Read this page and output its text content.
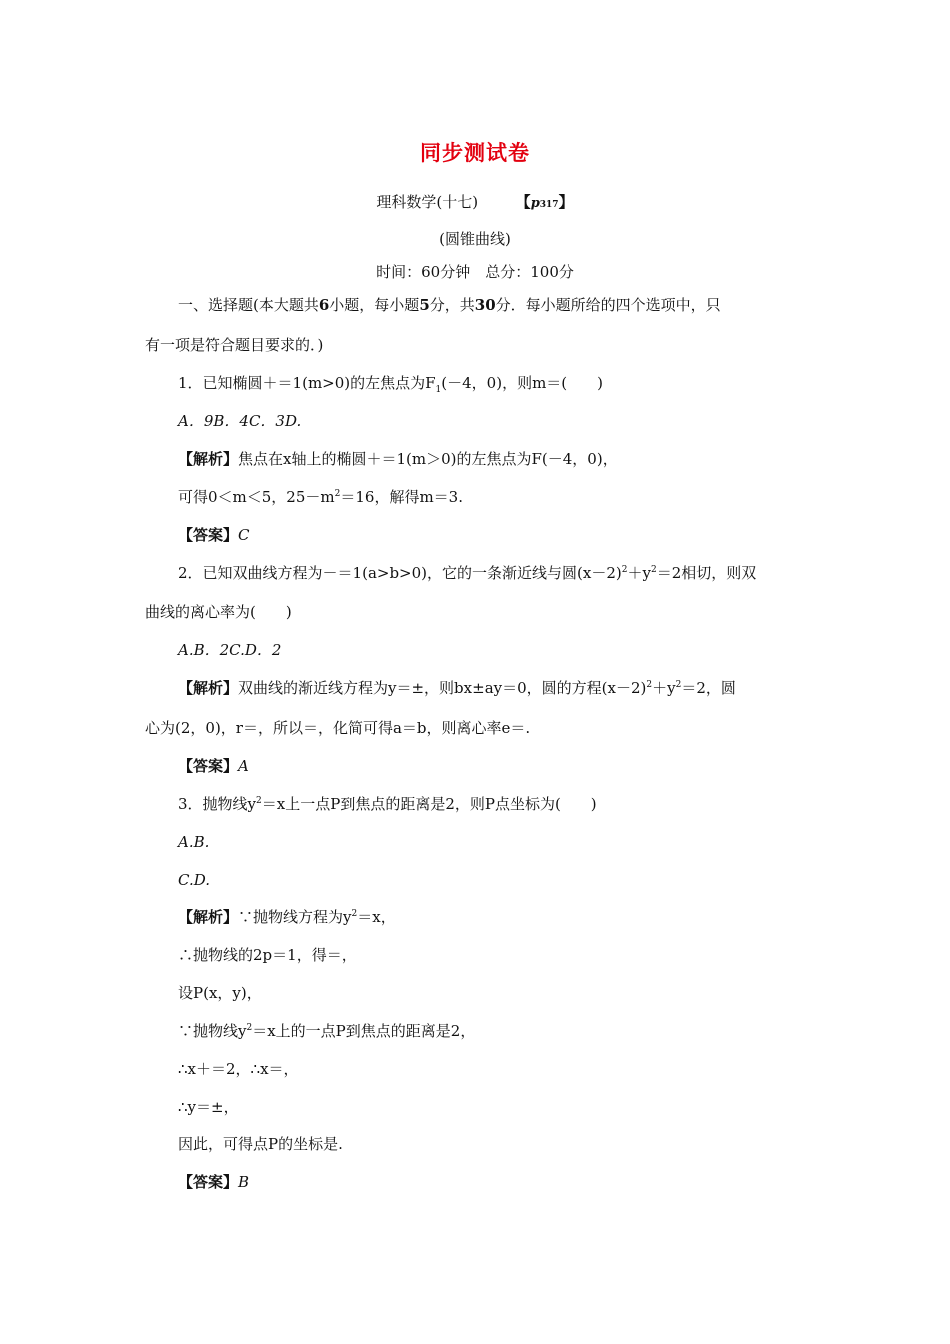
同步测试卷
理科数学(十七)	【p317】
(圆锥曲线)
时间：60分钟　总分：100分
一、选择题(本大题共6小题，每小题5分，共30分．每小题所给的四个选项中，只
有一项是符合题目要求的．)
1．已知椭圆＋＝1(m>0)的左焦点为$F_1(-4$，0)，则m＝(　　)
A．9B．4C．3D.
【解析】焦点在x轴上的椭圆＋＝1(m＞0)的左焦点为F(－4，0)，
可得0＜m＜5，$25-m^2=16$，解得m＝3.
【答案】C
2．已知双曲线方程为－＝1(a>b>0)，它的一条渐近线与圆$(x-2)^2+y^2=2$相切，则双
曲线的离心率为(　　)
A.B．2C.D．2
【解析】双曲线的渐近线方程为y＝±，则bx±ay＝0，圆的方程$(x-2)^2+y^2=2$，圆
心为(2，0)，r＝，所以＝，化简可得a＝b，则离心率e＝.
【答案】A
3．抛物线$y^2=x$上一点P到焦点的距离是2，则P点坐标为(　　)
A.B.
C.D.
【解析】∵抛物线方程为$y^2=x$，
∴抛物线的2p＝1，得＝，
设P(x，y)，
∵抛物线$y^2=x$上的一点P到焦点的距离是2，
∴x＋＝2，∴x＝，
∴y＝±，
因此，可得点P的坐标是.
【答案】B
